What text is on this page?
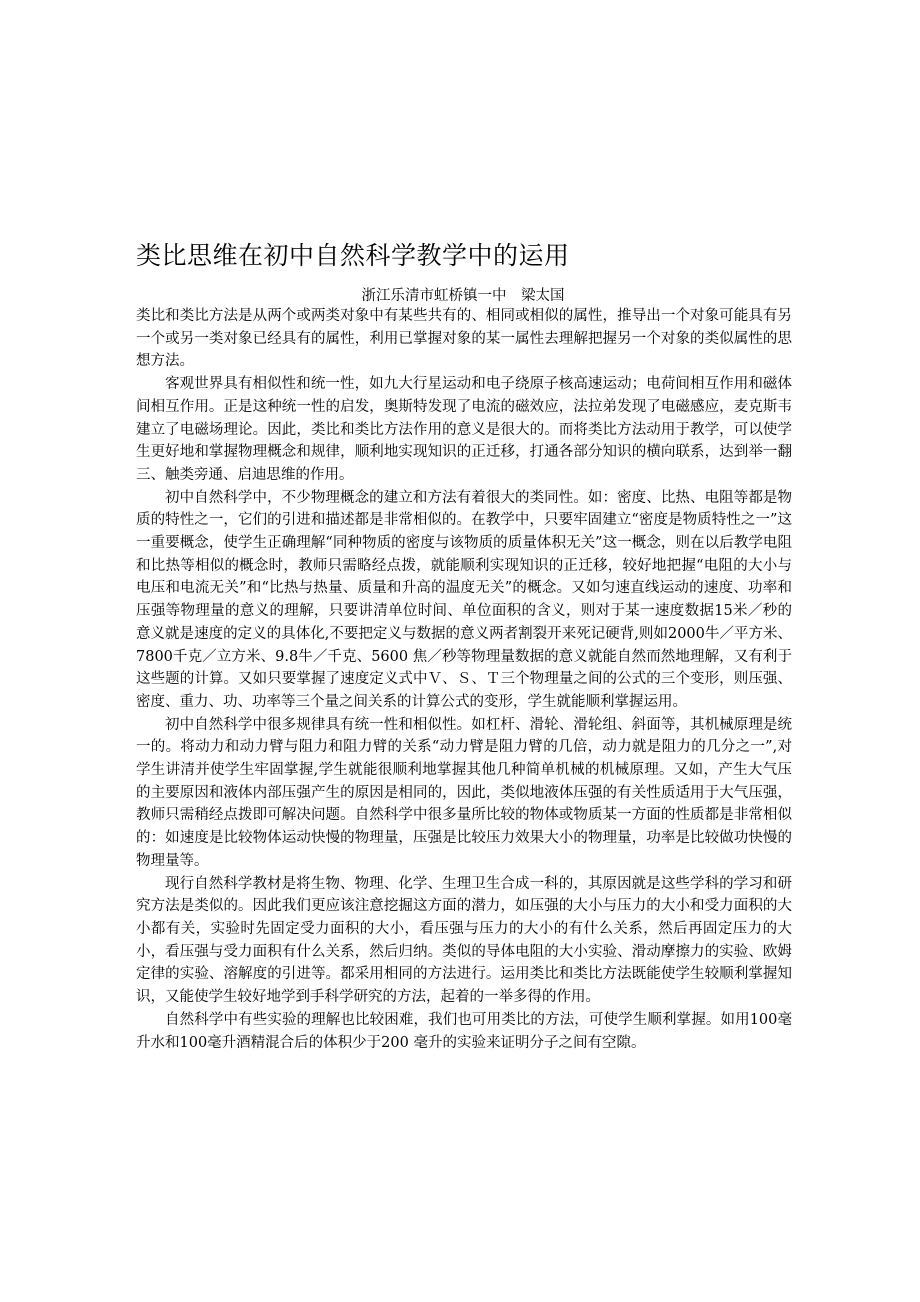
类比思维在初中自然科学教学中的运用
浙江乐清市虹桥镇一中　梁太国

类比和类比方法是从两个或两类对象中有某些共有的、相同或相似的属性，推导出一个对象可能具有另一个或另一类对象已经具有的属性，利用已掌握对象的某一属性去理解把握另一个对象的类似属性的思想方法。

客观世界具有相似性和统一性，如九大行星运动和电子绕原子核高速运动；电荷间相互作用和磁体间相互作用。正是这种统一性的启发，奥斯特发现了电流的磁效应，法拉弟发现了电磁感应，麦克斯韦建立了电磁场理论。因此，类比和类比方法作用的意义是很大的。而将类比方法动用于教学，可以使学生更好地和掌握物理概念和规律，顺利地实现知识的正迁移，打通各部分知识的横向联系，达到举一翻三、触类旁通、启迪思维的作用。

初中自然科学中，不少物理概念的建立和方法有着很大的类同性。如：密度、比热、电阻等都是物质的特性之一，它们的引进和描述都是非常相似的。在教学中，只要牢固建立“密度是物质特性之一”这一重要概念，使学生正确理解“同种物质的密度与该物质的质量体积无关”这一概念，则在以后教学电阻和比热等相似的概念时，教师只需略经点拨，就能顺利实现知识的正迁移，较好地把握“电阻的大小与电压和电流无关”和“比热与热量、质量和升高的温度无关”的概念。又如匀速直线运动的速度、功率和压强等物理量的意义的理解，只要讲清单位时间、单位面积的含义，则对于某一速度数据15米／秒的意义就是速度的定义的具体化,不要把定义与数据的意义两者割裂开来死记硬背,则如2000牛／平方米、7800千克／立方米、9.8牛／千克、5600 焦／秒等物理量数据的意义就能自然而然地理解，又有利于这些题的计算。又如只要掌握了速度定义式中Ｖ、Ｓ、Ｔ三个物理量之间的公式的三个变形，则压强、密度、重力、功、功率等三个量之间关系的计算公式的变形，学生就能顺利掌握运用。

初中自然科学中很多规律具有统一性和相似性。如杠杆、滑轮、滑轮组、斜面等，其机械原理是统一的。将动力和动力臂与阻力和阻力臂的关系“动力臂是阻力臂的几倍，动力就是阻力的几分之一”,对学生讲清并使学生牢固掌握,学生就能很顺利地掌握其他几种简单机械的机械原理。又如，产生大气压的主要原因和液体内部压强产生的原因是相同的，因此，类似地液体压强的有关性质适用于大气压强，教师只需稍经点拨即可解决问题。自然科学中很多量所比较的物体或物质某一方面的性质都是非常相似的：如速度是比较物体运动快慢的物理量，压强是比较压力效果大小的物理量，功率是比较做功快慢的物理量等。

现行自然科学教材是将生物、物理、化学、生理卫生合成一科的，其原因就是这些学科的学习和研究方法是类似的。因此我们更应该注意挖掘这方面的潜力，如压强的大小与压力的大小和受力面积的大小都有关，实验时先固定受力面积的大小，看压强与压力的大小的有什么关系，然后再固定压力的大小，看压强与受力面积有什么关系，然后归纳。类似的导体电阻的大小实验、滑动摩擦力的实验、欧姆定律的实验、溶解度的引进等。都采用相同的方法进行。运用类比和类比方法既能使学生较顺利掌握知识，又能使学生较好地学到手科学研究的方法，起着的一举多得的作用。

自然科学中有些实验的理解也比较困难，我们也可用类比的方法，可使学生顺利掌握。如用100毫升水和100毫升酒精混合后的体积少于200 毫升的实验来证明分子之间有空隙。
